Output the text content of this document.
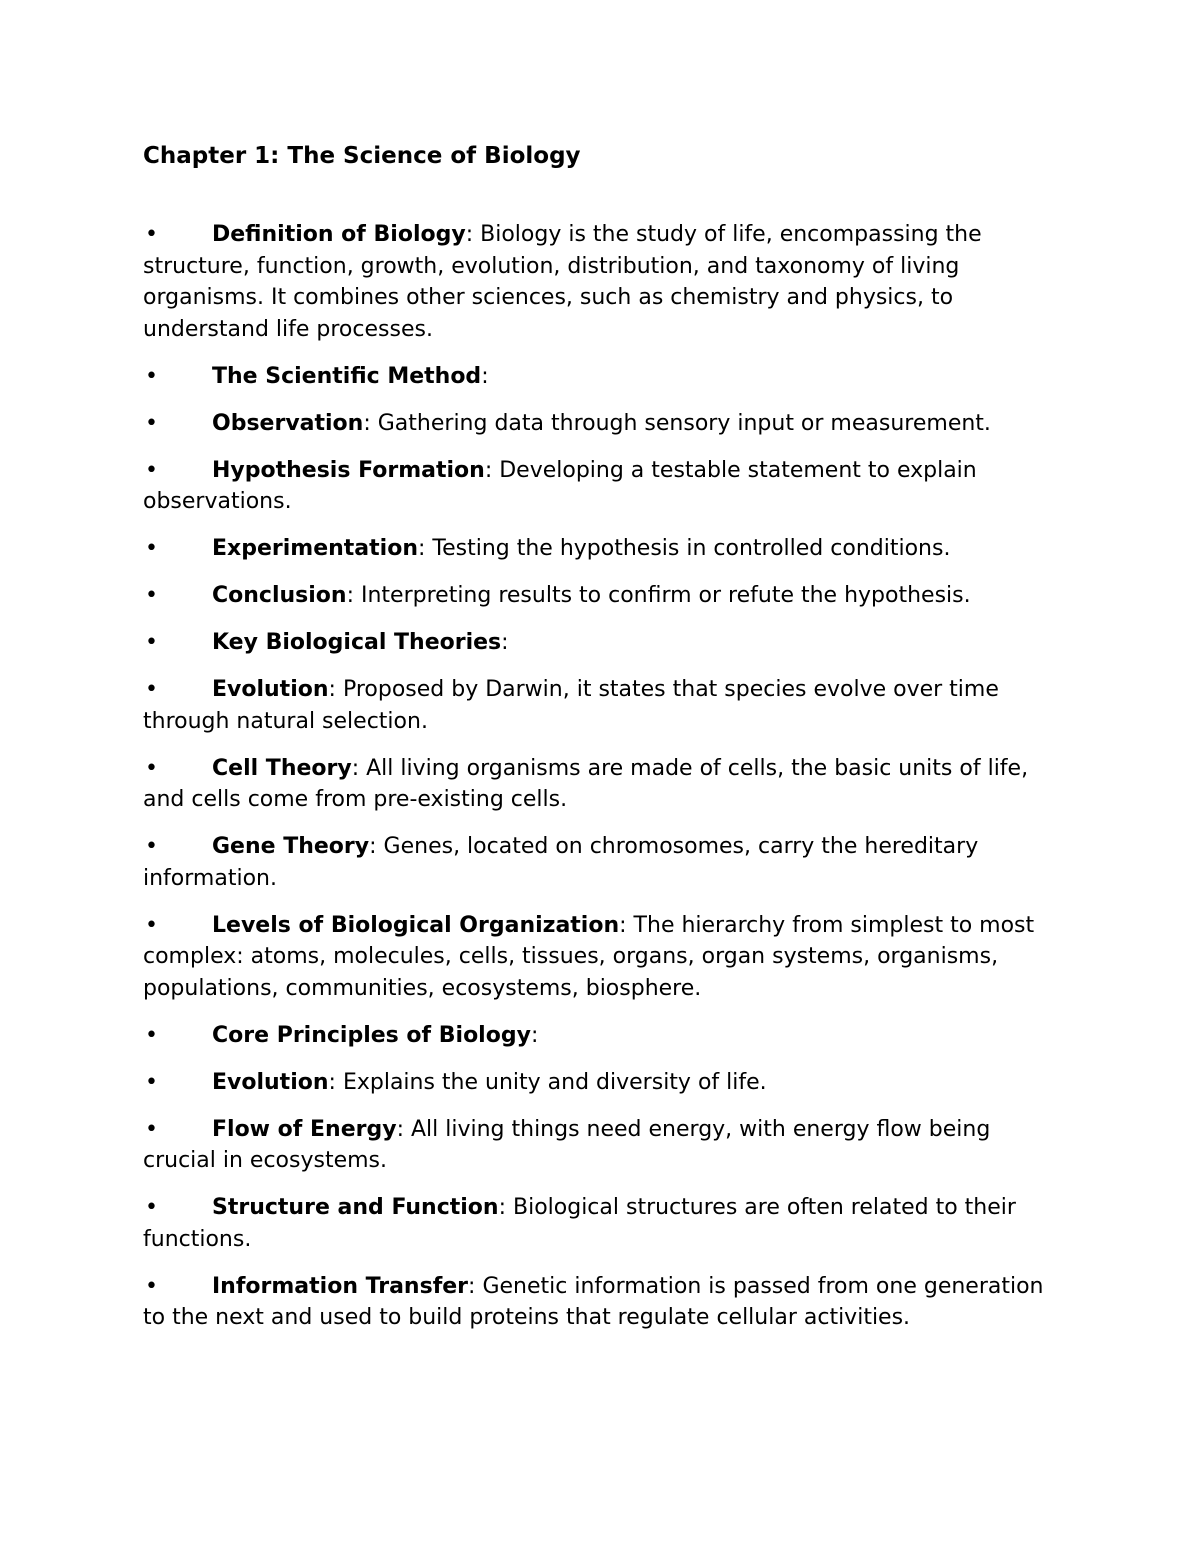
Chapter 1: The Science of Biology
• Definition of Biology: Biology is the study of life, encompassing the structure, function, growth, evolution, distribution, and taxonomy of living organisms. It combines other sciences, such as chemistry and physics, to understand life processes.
• The Scientific Method:
• Observation: Gathering data through sensory input or measurement.
• Hypothesis Formation: Developing a testable statement to explain observations.
• Experimentation: Testing the hypothesis in controlled conditions.
• Conclusion: Interpreting results to confirm or refute the hypothesis.
• Key Biological Theories:
• Evolution: Proposed by Darwin, it states that species evolve over time through natural selection.
• Cell Theory: All living organisms are made of cells, the basic units of life, and cells come from pre-existing cells.
• Gene Theory: Genes, located on chromosomes, carry the hereditary information.
• Levels of Biological Organization: The hierarchy from simplest to most complex: atoms, molecules, cells, tissues, organs, organ systems, organisms, populations, communities, ecosystems, biosphere.
• Core Principles of Biology:
• Evolution: Explains the unity and diversity of life.
• Flow of Energy: All living things need energy, with energy flow being crucial in ecosystems.
• Structure and Function: Biological structures are often related to their functions.
• Information Transfer: Genetic information is passed from one generation to the next and used to build proteins that regulate cellular activities.
